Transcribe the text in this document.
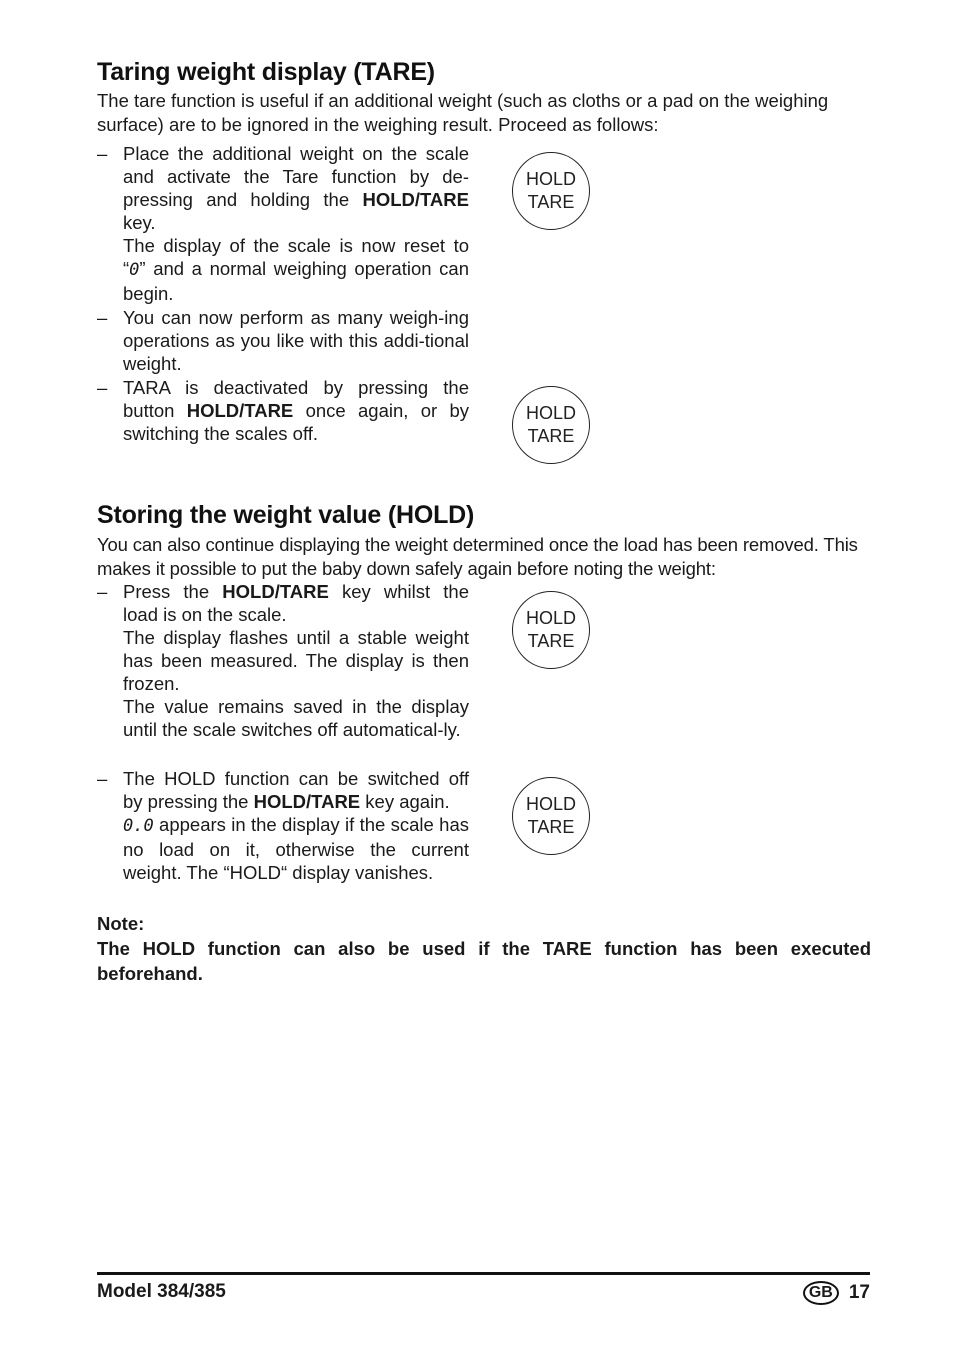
Taring weight display (TARE)
The tare function is useful if an additional weight (such as cloths or a pad on the weighing surface) are to be ignored in the weighing result. Proceed as follows:
– Place the additional weight on the scale and activate the Tare function by de-pressing and holding the HOLD/TARE key.

The display of the scale is now reset to “0” and a normal weighing operation can begin.

– You can now perform as many weigh-ing operations as you like with this addi-tional weight.

– TARA is deactivated by pressing the button HOLD/TARE once again, or by switching the scales off.

HOLD
TARE
HOLD
TARE
Storing the weight value (HOLD)
You can also continue displaying the weight determined once the load has been removed. This makes it possible to put the baby down safely again before noting the weight:
– Press the HOLD/TARE key whilst the load is on the scale.

The display flashes until a stable weight has been measured. The display is then frozen.

The value remains saved in the display until the scale switches off automatical-ly.

– The HOLD function can be switched off by pressing the HOLD/TARE key again.

0.0 appears in the display if the scale has no load on it, otherwise the current weight. The “HOLD“ display vanishes.

HOLD
TARE
HOLD
TARE
Note:
The HOLD function can also be used if the TARE function has been executed beforehand.
Model 384/385	GB 17
